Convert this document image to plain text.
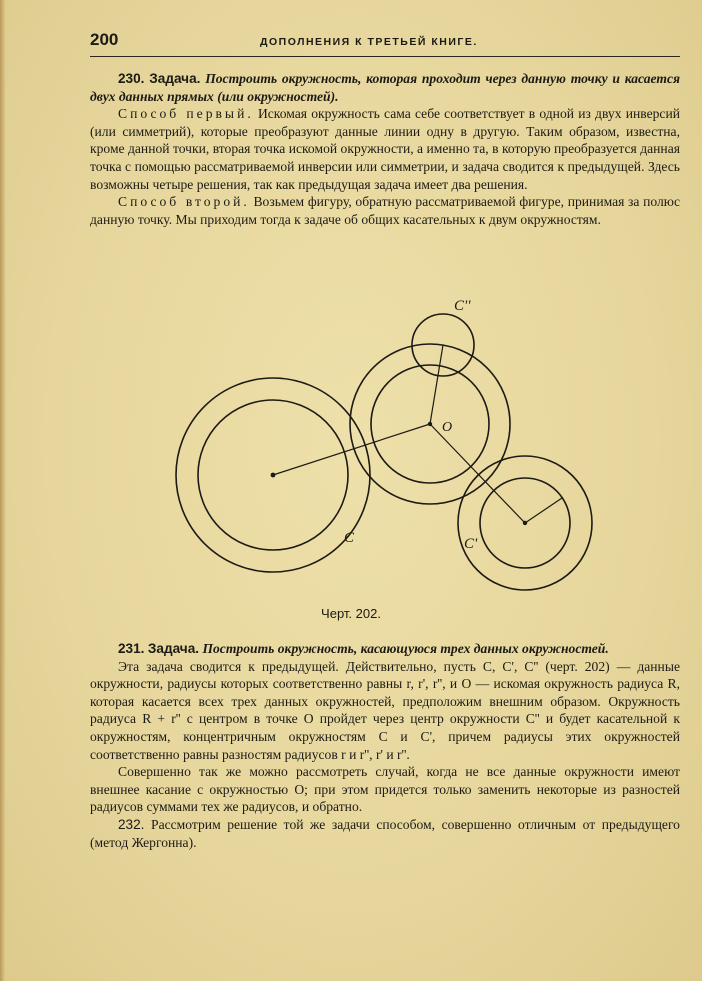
200	ДОПОЛНЕНИЯ К ТРЕТЬЕЙ КНИГЕ.

230. Задача. Построить окружность, которая проходит через данную точку и касается двух данных прямых (или окружностей).

Способ первый. Искомая окружность сама себе соответствует в одной из двух инверсий (или симметрий), которые преобразуют данные линии одну в другую. Таким образом, известна, кроме данной точки, вторая точка искомой окружности, а именно та, в которую преобразуется данная точка с помощью рассматриваемой инверсии или симметрии, и задача сводится к предыдущей. Здесь возможны четыре решения, так как предыдущая задача имеет два решения.

Способ второй. Возьмем фигуру, обратную рассматриваемой фигуре, принимая за полюс данную точку. Мы приходим тогда к задаче об общих касательных к двум окружностям.

C''
O
C	C'
Черт. 202.

231. Задача. Построить окружность, касающуюся трех данных окружностей.

Эта задача сводится к предыдущей. Действительно, пусть C, C', C'' (черт. 202) — данные окружности, радиусы которых соответственно равны r, r', r'', и O — искомая окружность радиуса R, которая касается всех трех данных окружностей, предположим внешним образом. Окружность радиуса R + r'' с центром в точке O пройдет через центр окружности C'' и будет касательной к окружностям, концентричным окружностям C и C', причем радиусы этих окружностей соответственно равны разностям радиусов r и r'', r' и r''.

Совершенно так же можно рассмотреть случай, когда не все данные окружности имеют внешнее касание с окружностью O; при этом придется только заменить некоторые из разностей радиусов суммами тех же радиусов, и обратно.

232. Рассмотрим решение той же задачи способом, совершенно отличным от предыдущего (метод Жергонна).
